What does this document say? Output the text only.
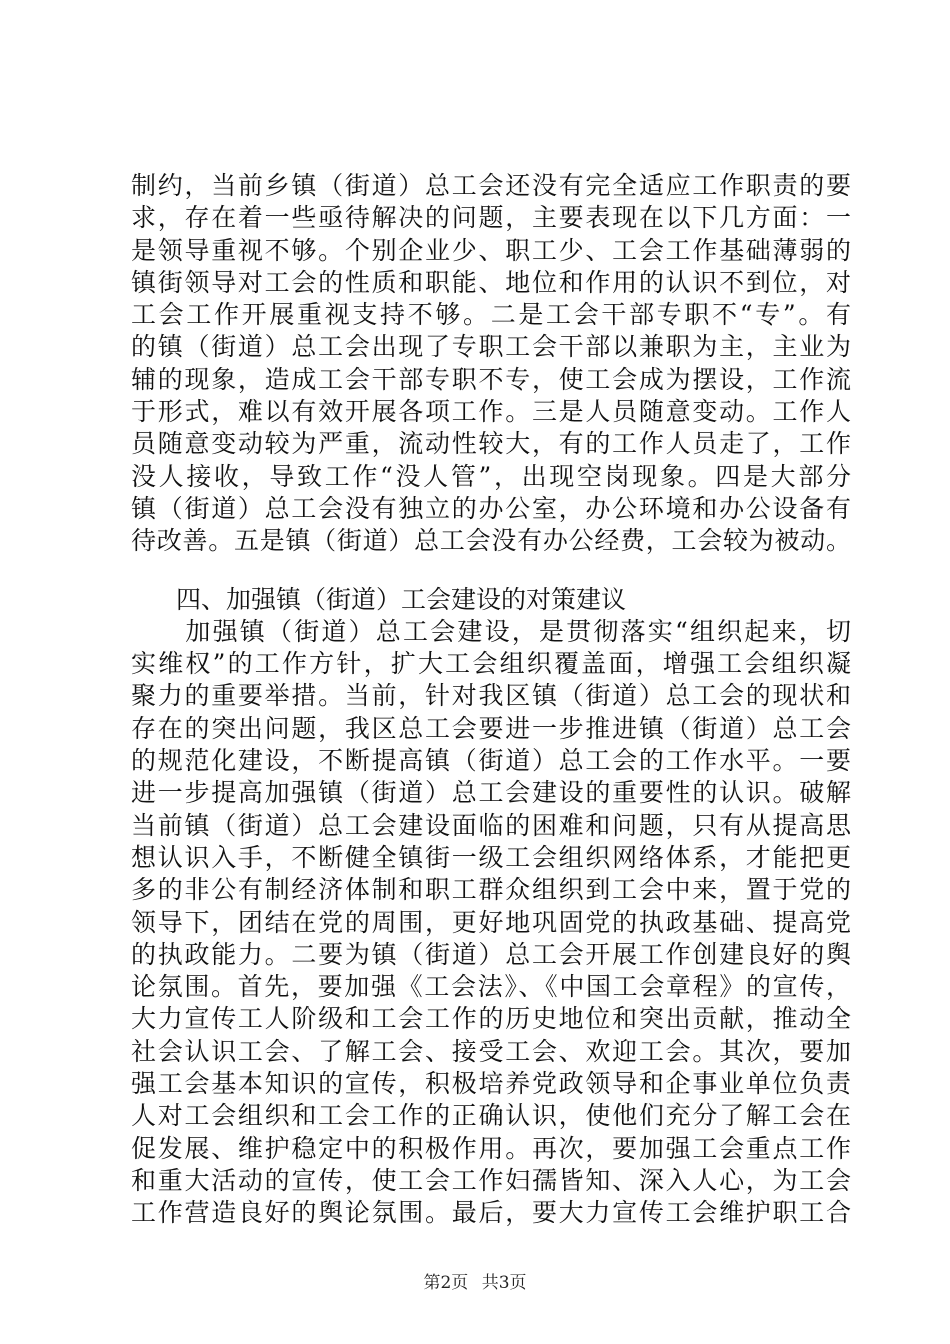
制约，当前乡镇（街道）总工会还没有完全适应工作职责的要
求，存在着一些亟待解决的问题，主要表现在以下几方面：一
是领导重视不够。个别企业少、职工少、工会工作基础薄弱的
镇街领导对工会的性质和职能、地位和作用的认识不到位，对
工会工作开展重视支持不够。二是工会干部专职不“专”。有
的镇（街道）总工会出现了专职工会干部以兼职为主，主业为
辅的现象，造成工会干部专职不专，使工会成为摆设，工作流
于形式，难以有效开展各项工作。三是人员随意变动。工作人
员随意变动较为严重，流动性较大，有的工作人员走了，工作
没人接收，导致工作“没人管”，出现空岗现象。四是大部分
镇（街道）总工会没有独立的办公室，办公环境和办公设备有
待改善。五是镇（街道）总工会没有办公经费，工会较为被动。
四、加强镇（街道）工会建设的对策建议
　　加强镇（街道）总工会建设，是贯彻落实“组织起来，切
实维权”的工作方针，扩大工会组织覆盖面，增强工会组织凝
聚力的重要举措。当前，针对我区镇（街道）总工会的现状和
存在的突出问题，我区总工会要进一步推进镇（街道）总工会
的规范化建设，不断提高镇（街道）总工会的工作水平。一要
进一步提高加强镇（街道）总工会建设的重要性的认识。破解
当前镇（街道）总工会建设面临的困难和问题，只有从提高思
想认识入手，不断健全镇街一级工会组织网络体系，才能把更
多的非公有制经济体制和职工群众组织到工会中来，置于党的
领导下，团结在党的周围，更好地巩固党的执政基础、提高党
的执政能力。二要为镇（街道）总工会开展工作创建良好的舆
论氛围。首先，要加强《工会法》、《中国工会章程》的宣传，
大力宣传工人阶级和工会工作的历史地位和突出贡献，推动全
社会认识工会、了解工会、接受工会、欢迎工会。其次，要加
强工会基本知识的宣传，积极培养党政领导和企事业单位负责
人对工会组织和工会工作的正确认识，使他们充分了解工会在
促发展、维护稳定中的积极作用。再次，要加强工会重点工作
和重大活动的宣传，使工会工作妇孺皆知、深入人心，为工会
工作营造良好的舆论氛围。最后，要大力宣传工会维护职工合
第2页 共3页
